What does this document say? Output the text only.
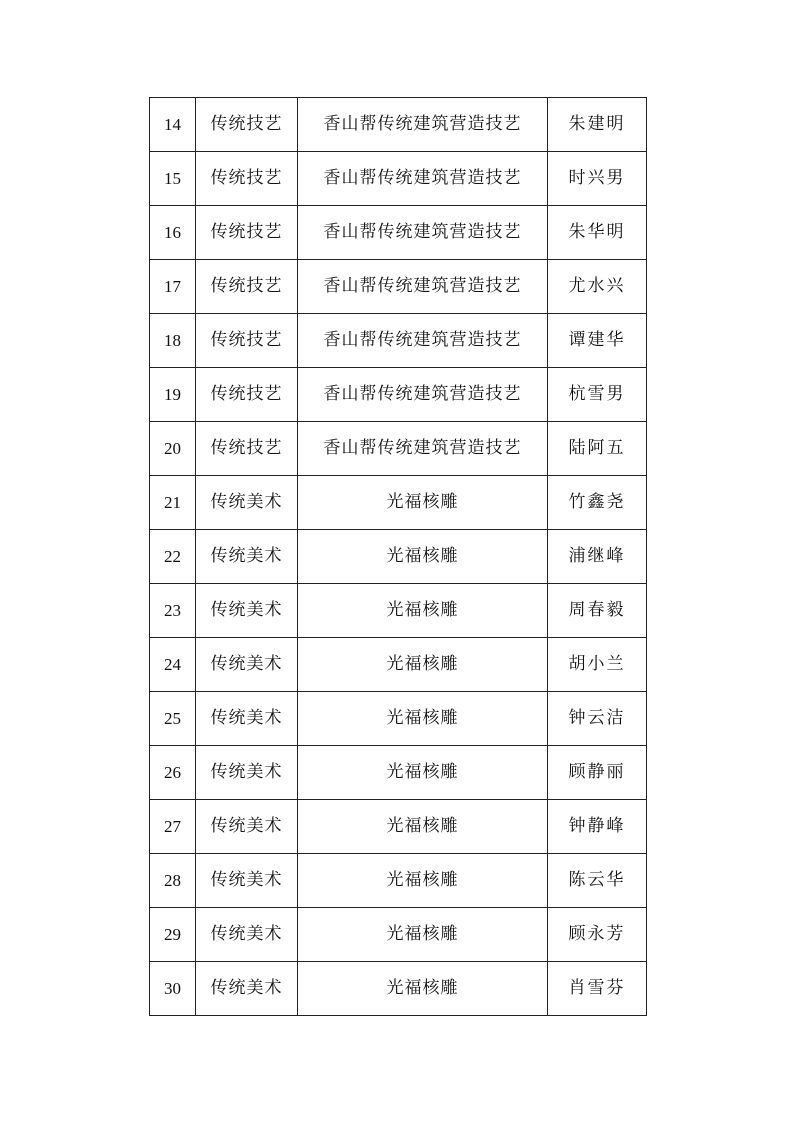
14	传统技艺	香山帮传统建筑营造技艺	朱建明
15	传统技艺	香山帮传统建筑营造技艺	时兴男
16	传统技艺	香山帮传统建筑营造技艺	朱华明
17	传统技艺	香山帮传统建筑营造技艺	尤水兴
18	传统技艺	香山帮传统建筑营造技艺	谭建华
19	传统技艺	香山帮传统建筑营造技艺	杭雪男
20	传统技艺	香山帮传统建筑营造技艺	陆阿五
21	传统美术	光福核雕	竹鑫尧
22	传统美术	光福核雕	浦继峰
23	传统美术	光福核雕	周春毅
24	传统美术	光福核雕	胡小兰
25	传统美术	光福核雕	钟云洁
26	传统美术	光福核雕	顾静丽
27	传统美术	光福核雕	钟静峰
28	传统美术	光福核雕	陈云华
29	传统美术	光福核雕	顾永芳
30	传统美术	光福核雕	肖雪芬
